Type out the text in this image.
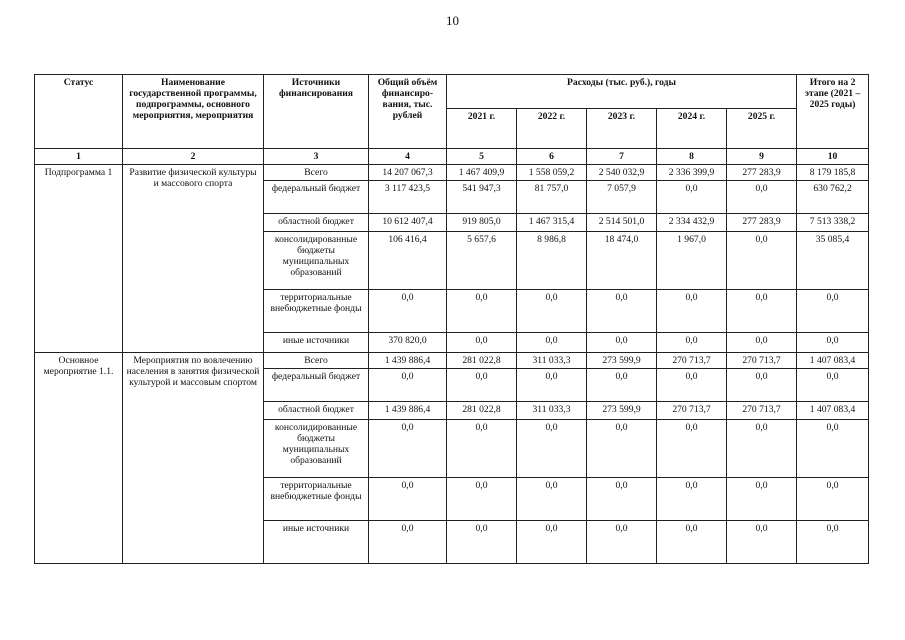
10
Статус	Наименование государственной программы, подпрограммы, основного мероприятия, мероприятия	Источники финансирования	Общий объём финансиро-вания, тыс. рублей	Расходы (тыс. руб.), годы					Итого на 2 этапе (2021 – 2025 годы)
				2021 г.	2022 г.	2023 г.	2024 г.	2025 г.	
1	2	3	4	5	6	7	8	9	10
Подпрограмма 1	Развитие физической культуры и массового спорта	Всего	14 207 067,3	1 467 409,9	1 558 059,2	2 540 032,9	2 336 399,9	277 283,9	8 179 185,8
		федеральный бюджет	3 117 423,5	541 947,3	81 757,0	7 057,9	0,0	0,0	630 762,2
		областной бюджет	10 612 407,4	919 805,0	1 467 315,4	2 514 501,0	2 334 432,9	277 283,9	7 513 338,2
		консолидированные бюджеты муниципальных образований	106 416,4	5 657,6	8 986,8	18 474,0	1 967,0	0,0	35 085,4
		территориальные внебюджетные фонды	0,0	0,0	0,0	0,0	0,0	0,0	0,0
		иные источники	370 820,0	0,0	0,0	0,0	0,0	0,0	0,0
Основное мероприятие 1.1.	Мероприятия по вовлечению населения в занятия физической культурой и массовым спортом	Всего	1 439 886,4	281 022,8	311 033,3	273 599,9	270 713,7	270 713,7	1 407 083,4
		федеральный бюджет	0,0	0,0	0,0	0,0	0,0	0,0	0,0
		областной бюджет	1 439 886,4	281 022,8	311 033,3	273 599,9	270 713,7	270 713,7	1 407 083,4
		консолидированные бюджеты муниципальных образований	0,0	0,0	0,0	0,0	0,0	0,0	0,0
		территориальные внебюджетные фонды	0,0	0,0	0,0	0,0	0,0	0,0	0,0
		иные источники	0,0	0,0	0,0	0,0	0,0	0,0	0,0
